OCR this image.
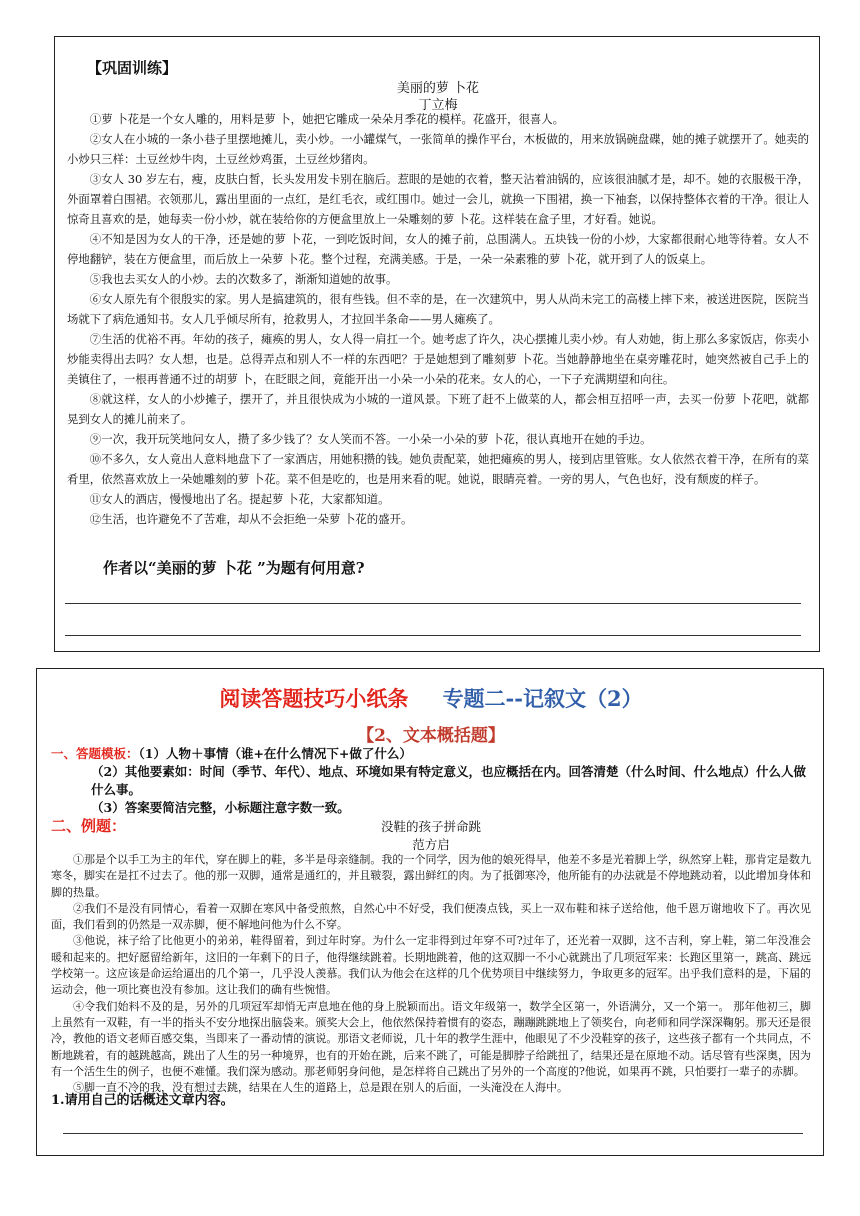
【巩固训练】
美丽的萝 卜花
丁立梅

①萝 卜花是一个女人雕的，用料是萝 卜，她把它雕成一朵朵月季花的模样。花盛开，很喜人。

②女人在小城的一条小巷子里摆地摊儿，卖小炒。一小罐煤气，一张简单的操作平台，木板做的，用来放锅碗盘碟，她的摊子就摆开了。她卖的小炒只三样：土豆丝炒牛肉，土豆丝炒鸡蛋，土豆丝炒猪肉。

③女人 30 岁左右，瘦，皮肤白皙，长头发用发卡别在脑后。惹眼的是她的衣着，整天沾着油锅的，应该很油腻才是，却不。她的衣服极干净，外面罩着白围裙。衣领那儿，露出里面的一点红，是红毛衣，或红围巾。她过一会儿，就换一下围裙，换一下袖套，以保持整体衣着的干净。很让人惊奇且喜欢的是，她每卖一份小炒，就在装给你的方便盒里放上一朵雕刻的萝 卜花。这样装在盒子里，才好看。她说。

④不知是因为女人的干净，还是她的萝 卜花，一到吃饭时间，女人的摊子前，总围满人。五块钱一份的小炒，大家都很耐心地等待着。女人不停地翻铲，装在方便盒里，而后放上一朵萝 卜花。整个过程，充满美感。于是，一朵一朵素雅的萝 卜花，就开到了人的饭桌上。

⑤我也去买女人的小炒。去的次数多了，渐渐知道她的故事。

⑥女人原先有个很殷实的家。男人是搞建筑的，很有些钱。但不幸的是，在一次建筑中，男人从尚未完工的高楼上摔下来，被送进医院，医院当场就下了病危通知书。女人几乎倾尽所有，抢救男人，才拉回半条命——男人瘫痪了。

⑦生活的优裕不再。年幼的孩子，瘫痪的男人，女人得一肩扛一个。她考虑了许久，决心摆摊儿卖小炒。有人劝她，街上那么多家饭店，你卖小炒能卖得出去吗？女人想，也是。总得弄点和别人不一样的东西吧？于是她想到了雕刻萝 卜花。当她静静地坐在桌旁雕花时，她突然被自己手上的美镇住了，一根再普通不过的胡萝 卜，在眨眼之间，竟能开出一小朵一小朵的花来。女人的心，一下子充满期望和向往。

⑧就这样，女人的小炒摊子，摆开了，并且很快成为小城的一道风景。下班了赶不上做菜的人，都会相互招呼一声，去买一份萝 卜花吧，就都晃到女人的摊儿前来了。

⑨一次，我开玩笑地问女人，攒了多少钱了？女人笑而不答。一小朵一小朵的萝 卜花，很认真地开在她的手边。

⑩不多久，女人竟出人意料地盘下了一家酒店，用她积攒的钱。她负责配菜，她把瘫痪的男人，接到店里管账。女人依然衣着干净，在所有的菜肴里，依然喜欢放上一朵她雕刻的萝 卜花。菜不但是吃的，也是用来看的呢。她说，眼睛亮着。一旁的男人，气色也好，没有颓废的样子。

⑪女人的酒店，慢慢地出了名。提起萝 卜花，大家都知道。

⑫生活，也许避免不了苦难，却从不会拒绝一朵萝 卜花的盛开。

作者以“美丽的萝 卜花 ”为题有何用意?
阅读答题技巧小纸条 专题二--记叙文（2）
【2、文本概括题】
一、答题模板：（1）人物＋事情（谁+在什么情况下+做了什么）
（2）其他要素如：时间（季节、年代）、地点、环境如果有特定意义，也应概括在内。回答清楚（什么时间、什么地点）什么人做什么事。
（3）答案要简洁完整，小标题注意字数一致。
二、例题：	没鞋的孩子拼命跳
范方启

①那是个以手工为主的年代，穿在脚上的鞋，多半是母亲缝制。我的一个同学，因为他的娘死得早，他差不多是光着脚上学，纵然穿上鞋，那肯定是数九寒冬，脚实在是扛不过去了。他的那一双脚，通常是通红的，并且皲裂，露出鲜红的肉。为了抵御寒冷，他所能有的办法就是不停地跳动着，以此增加身体和脚的热量。

②我们不是没有同情心，看着一双脚在寒风中备受煎熬，自然心中不好受，我们便凑点钱，买上一双布鞋和袜子送给他，他千恩万谢地收下了。再次见面，我们看到的仍然是一双赤脚，便不解地问他为什么不穿。

③他说，袜子给了比他更小的弟弟，鞋得留着，到过年时穿。为什么一定非得到过年穿不可?过年了，还光着一双脚，这不吉利，穿上鞋，第二年没准会暖和起来的。把好愿留给新年，这旧的一年剩下的日子，他得继续跳着。长期地跳着，他的这双脚一不小心就跳出了几项冠军来：长跑区里第一，跳高、跳远学校第一。这应该是命运给逼出的几个第一，几乎没人羡慕。我们认为他会在这样的几个优势项目中继续努力，争取更多的冠军。出乎我们意料的是，下届的运动会，他一项比赛也没有参加。这让我们的确有些惋惜。

④令我们始料不及的是，另外的几项冠军却悄无声息地在他的身上脱颖而出。语文年级第一，数学全区第一，外语满分，又一个第一。 那年他初三，脚上虽然有一双鞋，有一半的指头不安分地探出脑袋来。颁奖大会上，他依然保持着惯有的姿态，蹦蹦跳跳地上了领奖台，向老师和同学深深鞠躬。那天还是很冷，教他的语文老师百感交集，当即来了一番动情的演说。那语文老师说，几十年的教学生涯中，他眼见了不少没鞋穿的孩子，这些孩子都有一个共同点，不断地跳着，有的越跳越高，跳出了人生的另一种境界，也有的开始在跳，后来不跳了，可能是脚脖子给跳扭了，结果还是在原地不动。话尽管有些深奥，因为有一个活生生的例子，也便不难懂。我们深为感动。那老师躬身问他，是怎样将自己跳出了另外的一个高度的?他说，如果再不跳，只怕要打一辈子的赤脚。

⑤脚一直不冷的我，没有想过去跳，结果在人生的道路上，总是跟在别人的后面，一头淹没在人海中。

1.请用自己的话概述文章内容。
